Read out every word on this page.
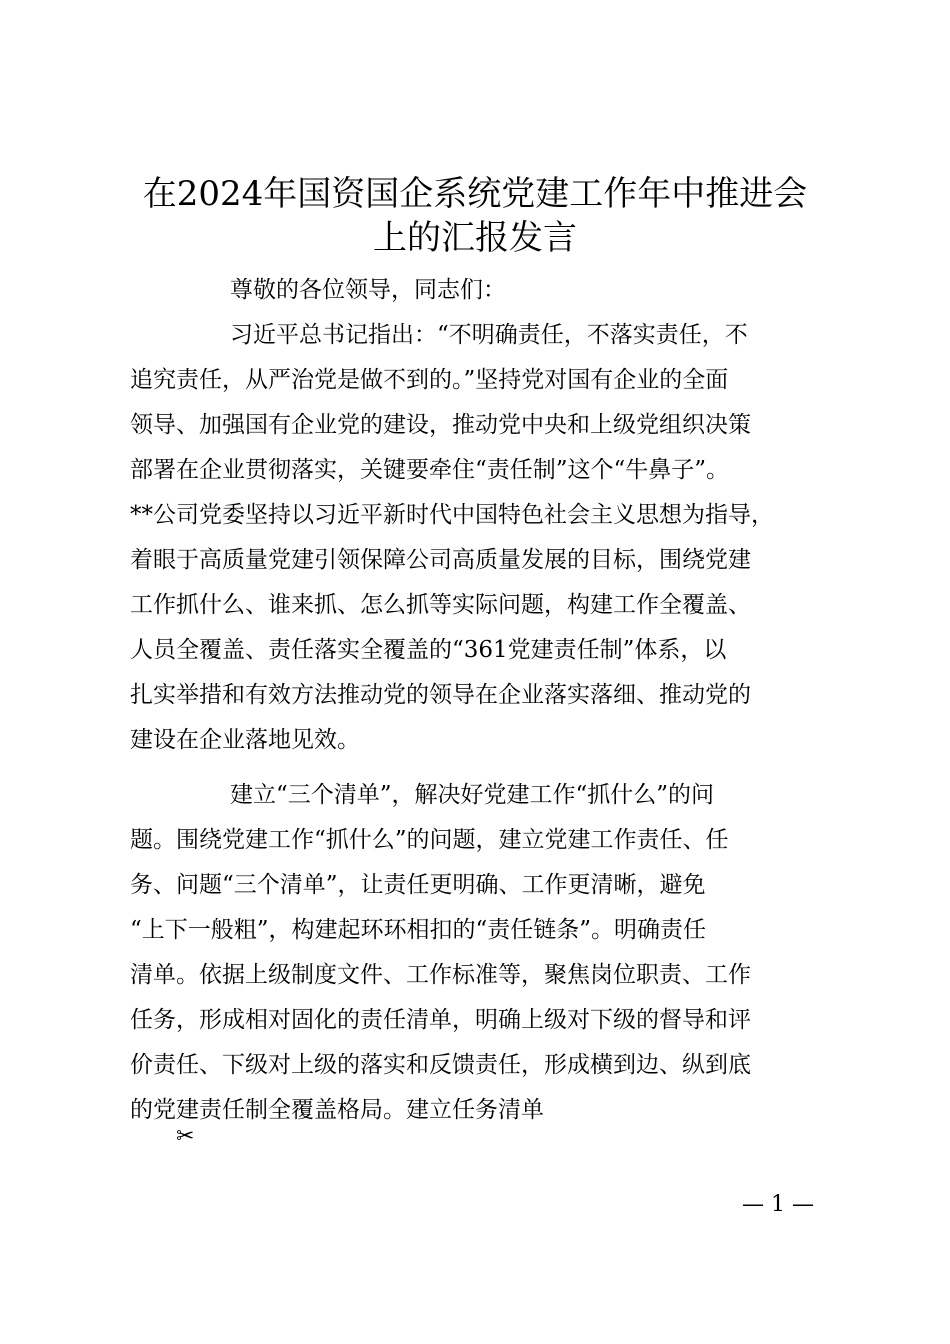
在2024年国资国企系统党建工作年中推进会
上的汇报发言

尊敬的各位领导，同志们：

习近平总书记指出：“不明确责任，不落实责任，不
追究责任，从严治党是做不到的。”坚持党对国有企业的全面
领导、加强国有企业党的建设，推动党中央和上级党组织决策
部署在企业贯彻落实，关键要牵住“责任制”这个“牛鼻子”。
**公司党委坚持以习近平新时代中国特色社会主义思想为指导，
着眼于高质量党建引领保障公司高质量发展的目标，围绕党建
工作抓什么、谁来抓、怎么抓等实际问题，构建工作全覆盖、
人员全覆盖、责任落实全覆盖的“361党建责任制”体系，以
扎实举措和有效方法推动党的领导在企业落实落细、推动党的
建设在企业落地见效。

建立“三个清单”，解决好党建工作“抓什么”的问
题。围绕党建工作“抓什么”的问题，建立党建工作责任、任
务、问题“三个清单”，让责任更明确、工作更清晰，避免
“上下一般粗”，构建起环环相扣的“责任链条”。明确责任
清单。依据上级制度文件、工作标准等，聚焦岗位职责、工作
任务，形成相对固化的责任清单，明确上级对下级的督导和评
价责任、下级对上级的落实和反馈责任，形成横到边、纵到底
的党建责任制全覆盖格局。建立任务清单

✂
— 1 —
